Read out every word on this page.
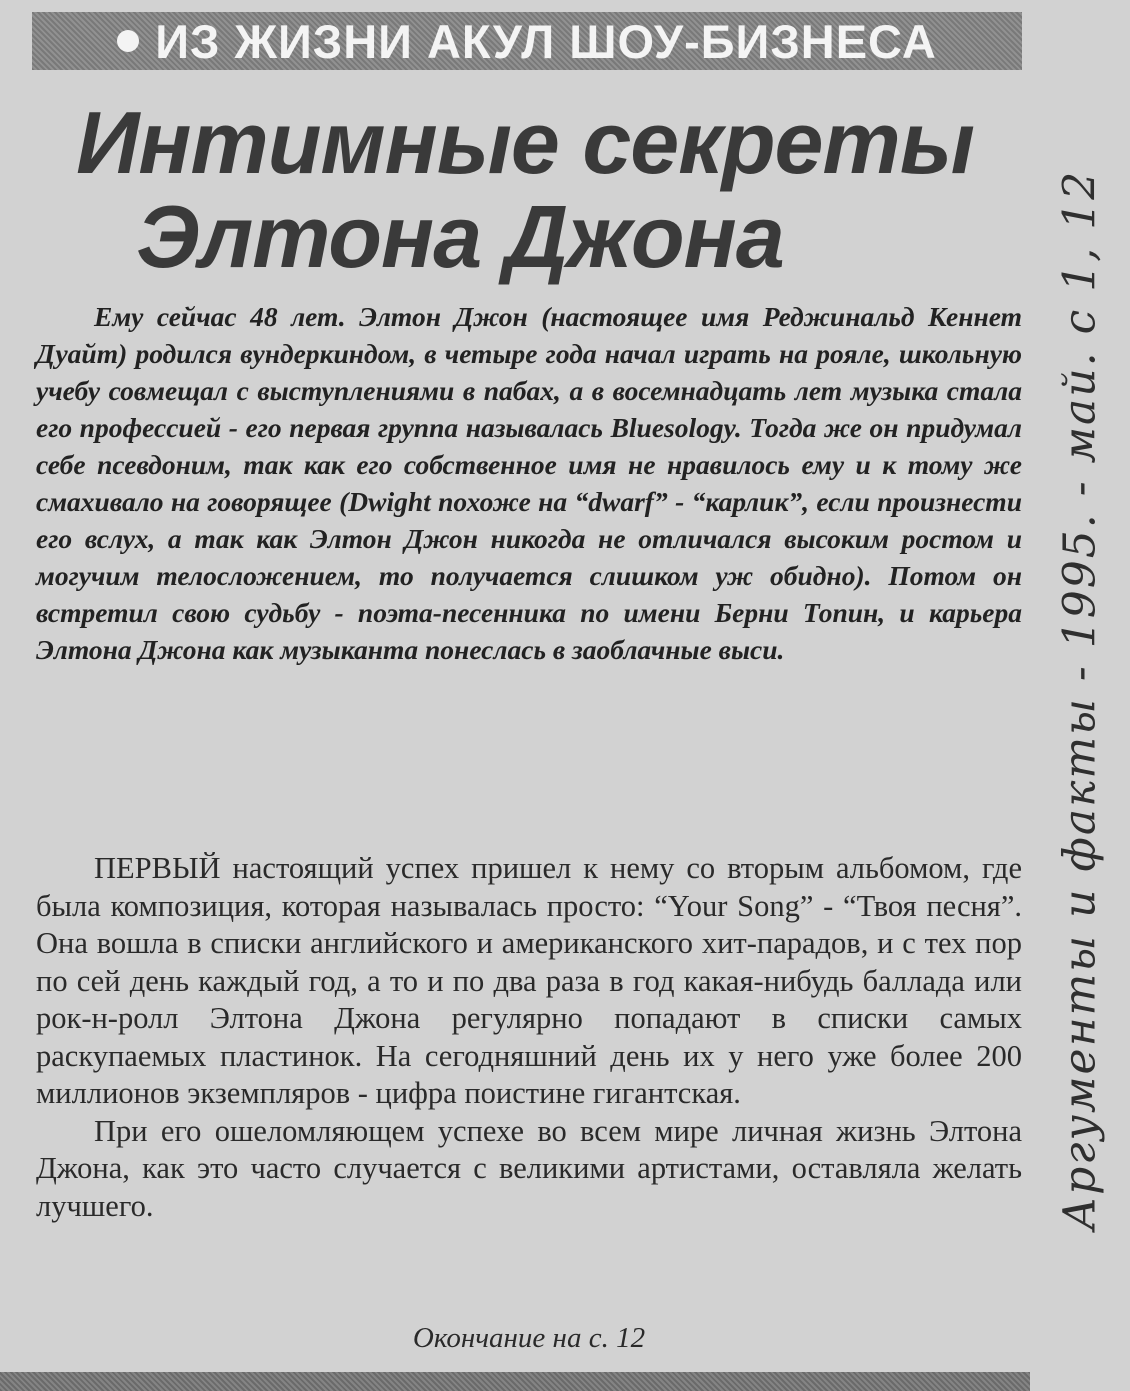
ИЗ ЖИЗНИ АКУЛ ШОУ-БИЗНЕСА
Интимные секреты
Элтона Джона

Ему сейчас 48 лет. Элтон Джон (настоящее имя Реджинальд Кеннет Дуайт) родился вундеркиндом, в четыре года начал играть на рояле, школьную учебу совмещал с выступлениями в пабах, а в восемнадцать лет музыка стала его профессией - его первая группа называлась Bluesology. Тогда же он придумал себе псевдоним, так как его собственное имя не нравилось ему и к тому же смахивало на говорящее (Dwight похоже на “dwarf” - “карлик”, если произнести его вслух, а так как Элтон Джон никогда не отличался высоким ростом и могучим телосложением, то получается слишком уж обидно). Потом он встретил свою судьбу - поэта-песенника по имени Берни Топин, и карьера Элтона Джона как музыканта понеслась в заоблачные выси.

ПЕРВЫЙ настоящий успех пришел к нему со вторым альбомом, где была композиция, которая называлась просто: “Your Song” - “Твоя песня”. Она вошла в списки английского и американского хит-парадов, и с тех пор по сей день каждый год, а то и по два раза в год какая-нибудь баллада или рок-н-ролл Элтона Джона регулярно попадают в списки самых раскупаемых пластинок. На сегодняшний день их у него уже более 200 миллионов экземпляров - цифра поистине гигантская.

При его ошеломляющем успехе во всем мире личная жизнь Элтона Джона, как это часто случается с великими артистами, оставляла желать лучшего.

Окончание на с. 12
Аргументы и факты - 1995. - май. с 1, 12
